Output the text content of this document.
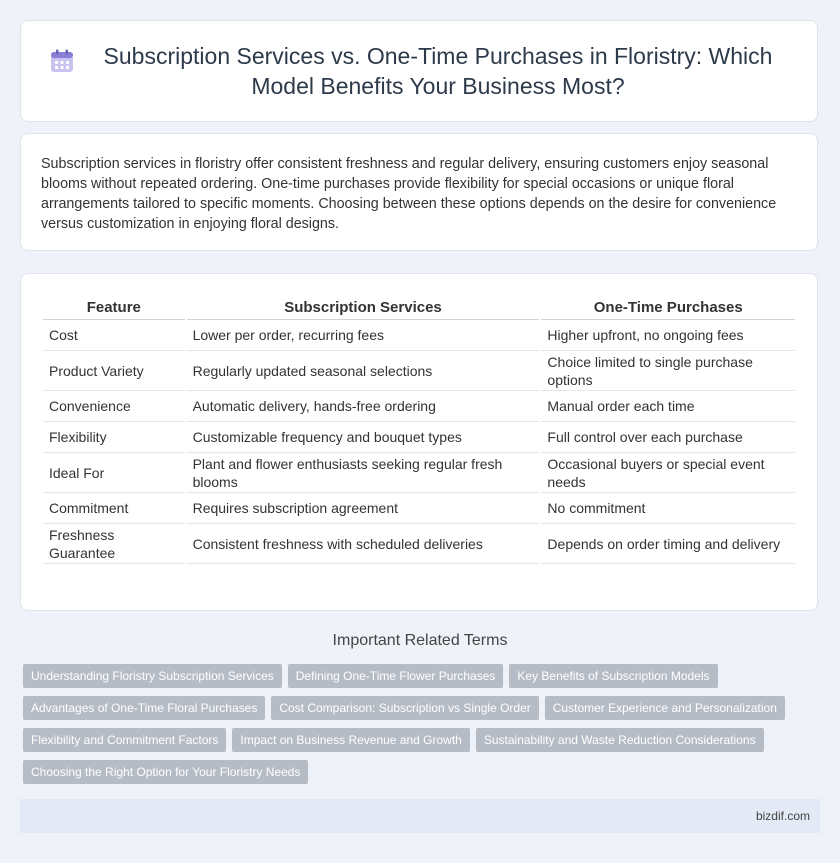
Subscription Services vs. One-Time Purchases in Floristry: Which Model Benefits Your Business Most?

Subscription services in floristry offer consistent freshness and regular delivery, ensuring customers enjoy seasonal blooms without repeated ordering. One-time purchases provide flexibility for special occasions or unique floral arrangements tailored to specific moments. Choosing between these options depends on the desire for convenience versus customization in enjoying floral designs.

Feature	Subscription Services	One-Time Purchases
Cost	Lower per order, recurring fees	Higher upfront, no ongoing fees
Product Variety	Regularly updated seasonal selections	Choice limited to single purchase options
Convenience	Automatic delivery, hands-free ordering	Manual order each time
Flexibility	Customizable frequency and bouquet types	Full control over each purchase
Ideal For	Plant and flower enthusiasts seeking regular fresh blooms	Occasional buyers or special event needs
Commitment	Requires subscription agreement	No commitment
Freshness Guarantee	Consistent freshness with scheduled deliveries	Depends on order timing and delivery
Important Related Terms
Understanding Floristry Subscription Services	Defining One-Time Flower Purchases	Key Benefits of Subscription Models
Advantages of One-Time Floral Purchases	Cost Comparison: Subscription vs Single Order	Customer Experience and Personalization
Flexibility and Commitment Factors	Impact on Business Revenue and Growth	Sustainability and Waste Reduction Considerations
Choosing the Right Option for Your Floristry Needs
bizdif.com
